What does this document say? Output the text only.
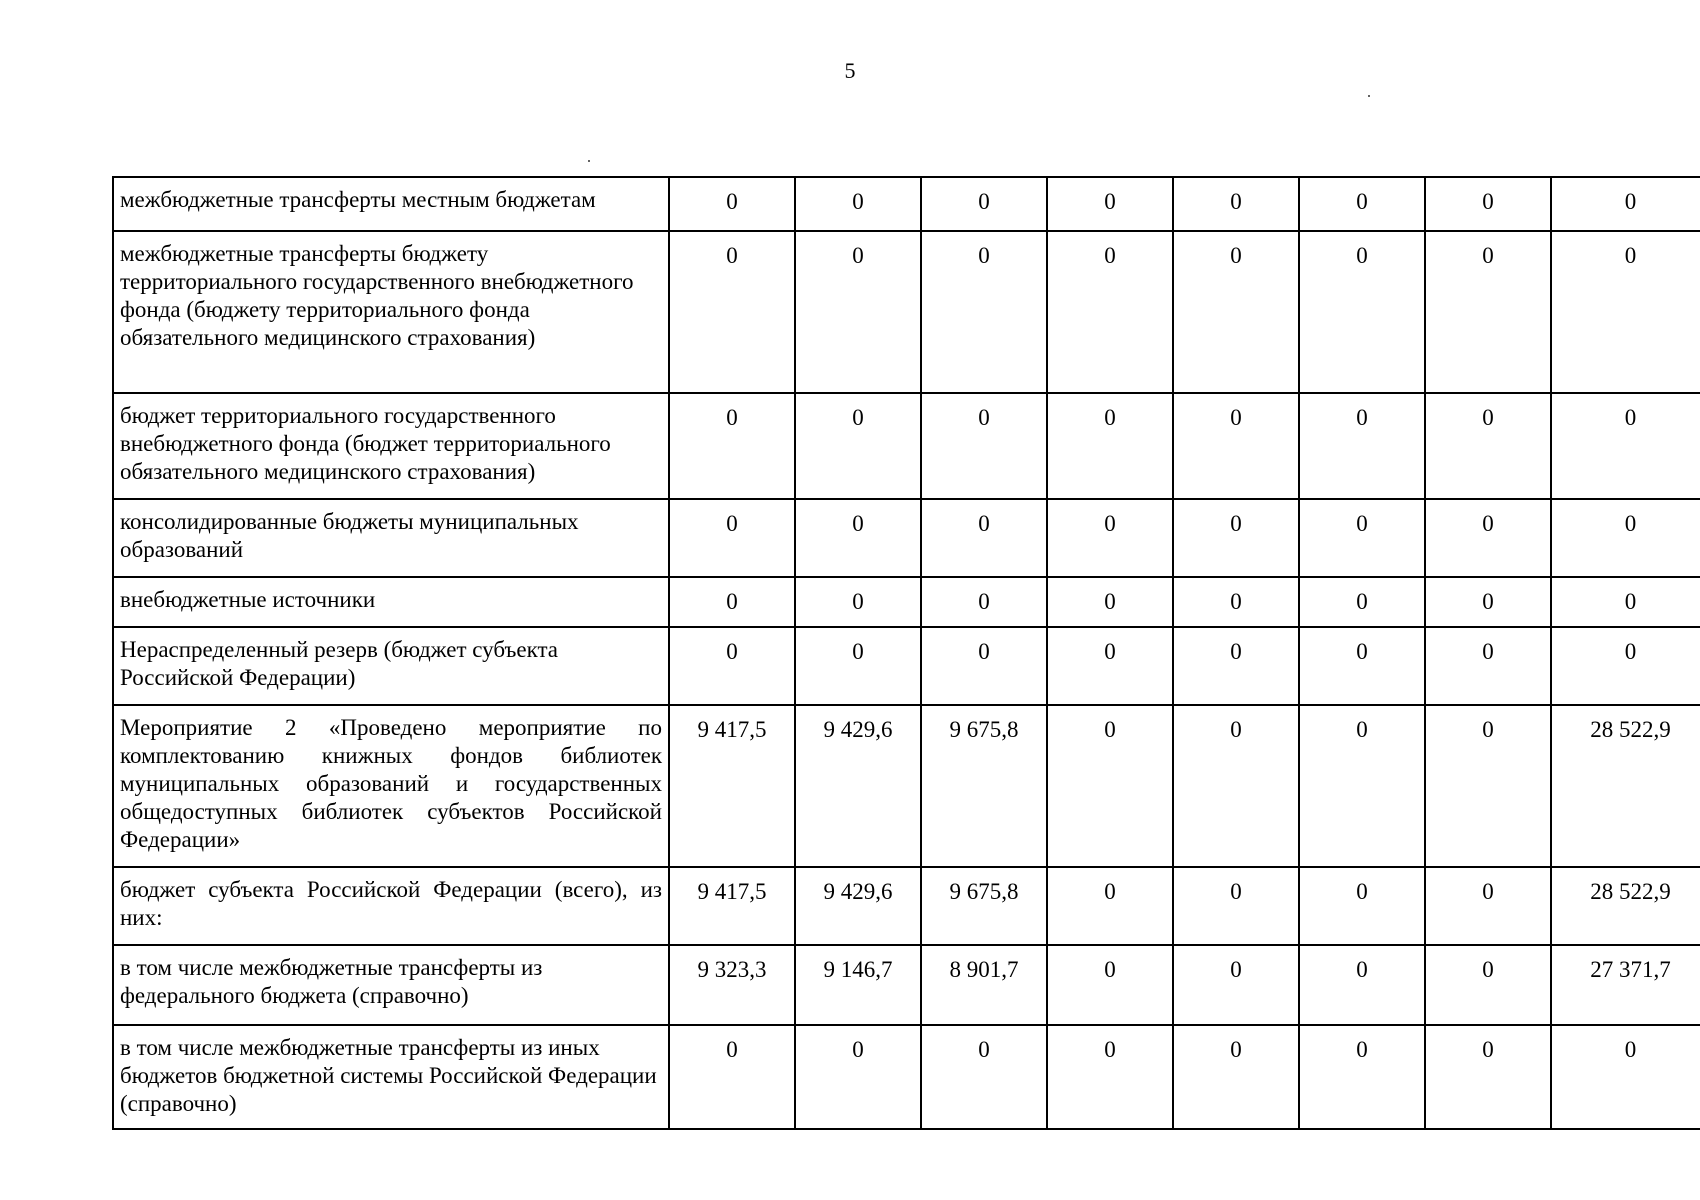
5
межбюджетные трансферты местным бюджетам	0	0	0	0	0	0	0	0
межбюджетные трансферты бюджету территориального государственного внебюджетного фонда (бюджету территориального фонда обязательного медицинского страхования)	0	0	0	0	0	0	0	0
бюджет территориального государственного внебюджетного фонда (бюджет территориального обязательного медицинского страхования)	0	0	0	0	0	0	0	0
консолидированные бюджеты муниципальных образований	0	0	0	0	0	0	0	0
внебюджетные источники	0	0	0	0	0	0	0	0
Нераспределенный резерв (бюджет субъекта Российской Федерации)	0	0	0	0	0	0	0	0
Мероприятие 2 «Проведено мероприятие по комплектованию книжных фондов библиотек муниципальных образований и государственных общедоступных библиотек субъектов Российской Федерации»	9 417,5	9 429,6	9 675,8	0	0	0	0	28 522,9
бюджет субъекта Российской Федерации (всего), из них:	9 417,5	9 429,6	9 675,8	0	0	0	0	28 522,9
в том числе межбюджетные трансферты из федерального бюджета (справочно)	9 323,3	9 146,7	8 901,7	0	0	0	0	27 371,7
в том числе межбюджетные трансферты из иных бюджетов бюджетной системы Российской Федерации (справочно)	0	0	0	0	0	0	0	0
